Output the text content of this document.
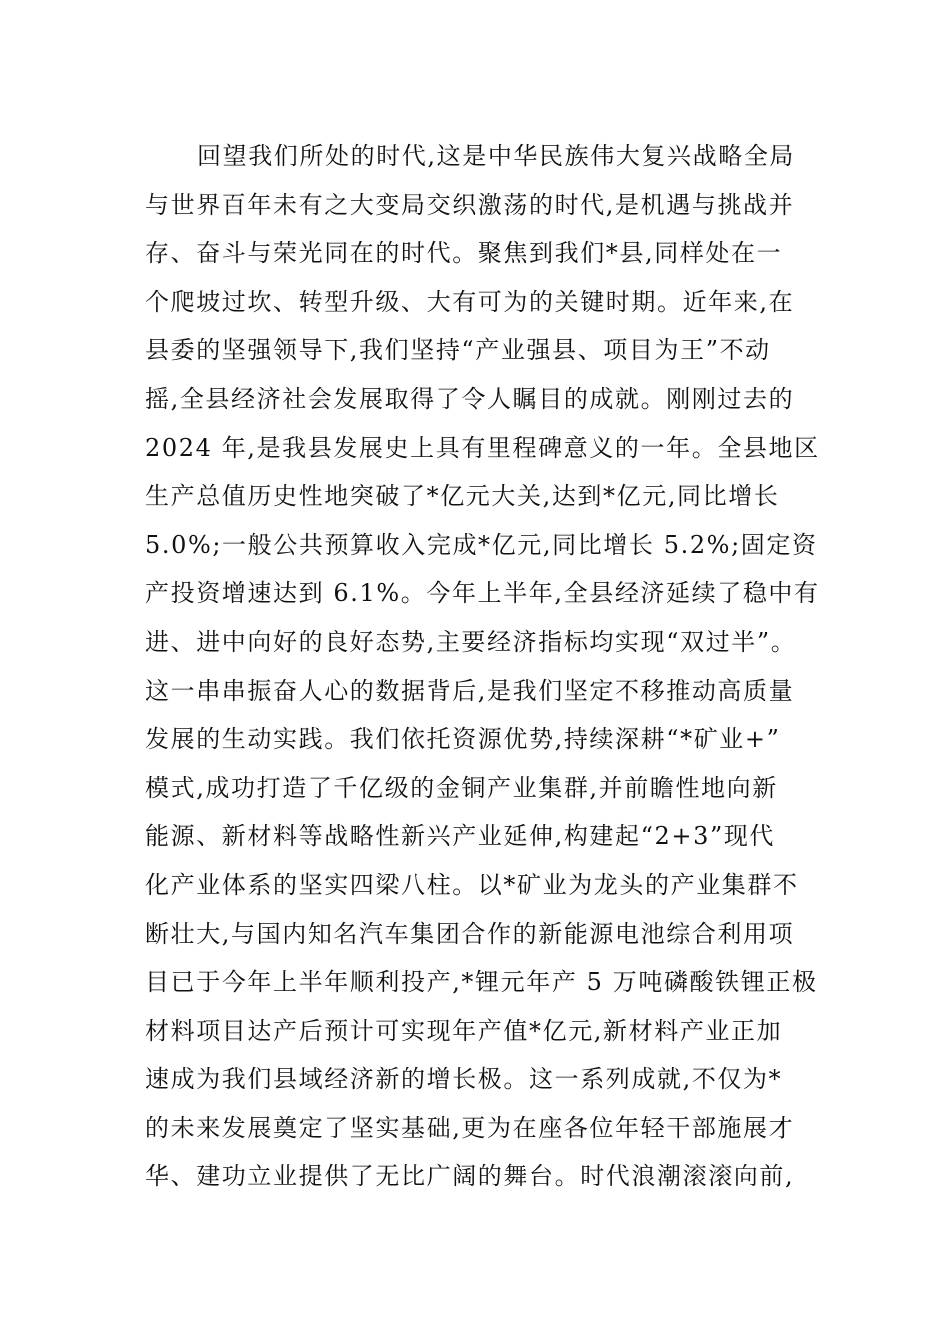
回望我们所处的时代,这是中华民族伟大复兴战略全局
与世界百年未有之大变局交织激荡的时代,是机遇与挑战并
存、奋斗与荣光同在的时代。聚焦到我们*县,同样处在一
个爬坡过坎、转型升级、大有可为的关键时期。近年来,在
县委的坚强领导下,我们坚持“产业强县、项目为王”不动
摇,全县经济社会发展取得了令人瞩目的成就。刚刚过去的
2024 年,是我县发展史上具有里程碑意义的一年。全县地区
生产总值历史性地突破了*亿元大关,达到*亿元,同比增长
5.0%;一般公共预算收入完成*亿元,同比增长 5.2%;固定资
产投资增速达到 6.1%。今年上半年,全县经济延续了稳中有
进、进中向好的良好态势,主要经济指标均实现“双过半”。
这一串串振奋人心的数据背后,是我们坚定不移推动高质量
发展的生动实践。我们依托资源优势,持续深耕“*矿业+”
模式,成功打造了千亿级的金铜产业集群,并前瞻性地向新
能源、新材料等战略性新兴产业延伸,构建起“2+3”现代
化产业体系的坚实四梁八柱。以*矿业为龙头的产业集群不
断壮大,与国内知名汽车集团合作的新能源电池综合利用项
目已于今年上半年顺利投产,*锂元年产 5 万吨磷酸铁锂正极
材料项目达产后预计可实现年产值*亿元,新材料产业正加
速成为我们县域经济新的增长极。这一系列成就,不仅为*
的未来发展奠定了坚实基础,更为在座各位年轻干部施展才
华、建功立业提供了无比广阔的舞台。时代浪潮滚滚向前,
